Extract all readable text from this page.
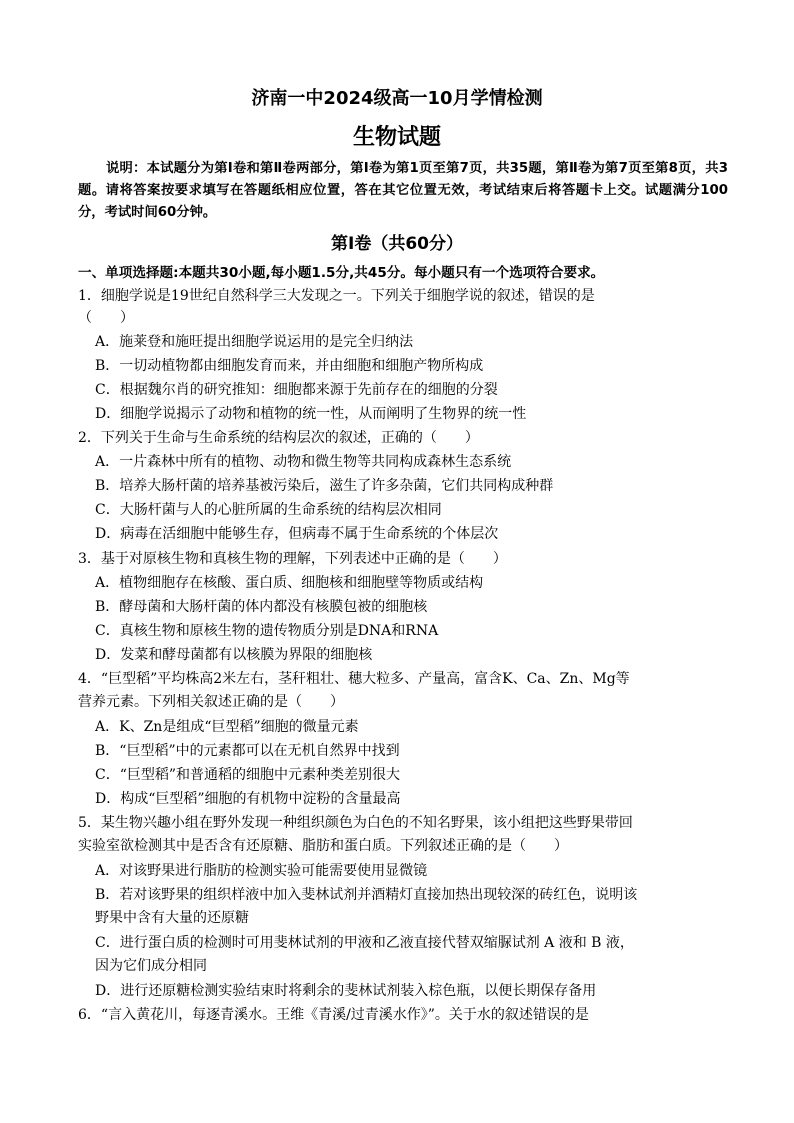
济南一中2024级高一10月学情检测
生物试题
说明：本试题分为第Ⅰ卷和第Ⅱ卷两部分，第Ⅰ卷为第1页至第7页，共35题，第Ⅱ卷为第7页至第8页，共3题。请将答案按要求填写在答题纸相应位置，答在其它位置无效，考试结束后将答题卡上交。试题满分100分，考试时间60分钟。
第Ⅰ卷（共60分）
一、单项选择题:本题共30小题,每小题1.5分,共45分。每小题只有一个选项符合要求。
1．细胞学说是19世纪自然科学三大发现之一。下列关于细胞学说的叙述，错误的是
（　　）
A．施莱登和施旺提出细胞学说运用的是完全归纳法
B．一切动植物都由细胞发育而来，并由细胞和细胞产物所构成
C．根据魏尔肖的研究推知：细胞都来源于先前存在的细胞的分裂
D．细胞学说揭示了动物和植物的统一性，从而阐明了生物界的统一性
2．下列关于生命与生命系统的结构层次的叙述，正确的（　　）
A．一片森林中所有的植物、动物和微生物等共同构成森林生态系统
B．培养大肠杆菌的培养基被污染后，滋生了许多杂菌，它们共同构成种群
C．大肠杆菌与人的心脏所属的生命系统的结构层次相同
D．病毒在活细胞中能够生存，但病毒不属于生命系统的个体层次
3．基于对原核生物和真核生物的理解，下列表述中正确的是（　　）
A．植物细胞存在核酸、蛋白质、细胞核和细胞壁等物质或结构
B．酵母菌和大肠杆菌的体内都没有核膜包被的细胞核
C．真核生物和原核生物的遗传物质分别是DNA和RNA
D．发菜和酵母菌都有以核膜为界限的细胞核
4．“巨型稻”平均株高2米左右，茎秆粗壮、穗大粒多、产量高，富含K、Ca、Zn、Mg等
营养元素。下列相关叙述正确的是（　　）
A．K、Zn是组成“巨型稻”细胞的微量元素
B．“巨型稻”中的元素都可以在无机自然界中找到
C．“巨型稻”和普通稻的细胞中元素种类差别很大
D．构成“巨型稻”细胞的有机物中淀粉的含量最高
5．某生物兴趣小组在野外发现一种组织颜色为白色的不知名野果，该小组把这些野果带回
实验室欲检测其中是否含有还原糖、脂肪和蛋白质。下列叙述正确的是（　　）
A．对该野果进行脂肪的检测实验可能需要使用显微镜
B．若对该野果的组织样液中加入斐林试剂并酒精灯直接加热出现较深的砖红色，说明该
野果中含有大量的还原糖
C．进行蛋白质的检测时可用斐林试剂的甲液和乙液直接代替双缩脲试剂 A 液和 B 液，
因为它们成分相同
D．进行还原糖检测实验结束时将剩余的斐林试剂装入棕色瓶，以便长期保存备用
6．“言入黄花川，每逐青溪水。王维《青溪/过青溪水作》”。关于水的叙述错误的是
